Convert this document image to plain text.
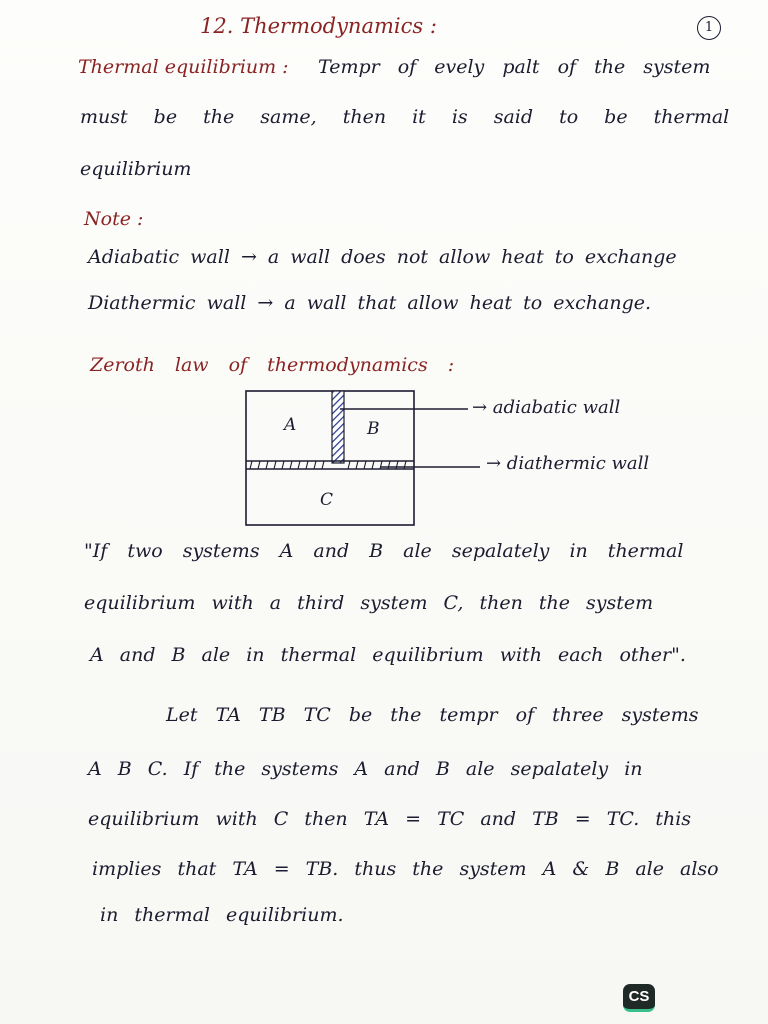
12. Thermodynamics :	1
Thermal equilibrium : Tempr of evely palt of the system
must be the same, then it is said to be thermal
equilibrium
Note :
Adiabatic wall → a wall does not allow heat to exchange
Diathermic wall → a wall that allow heat to exchange.
Zeroth law of thermodynamics :
A	B
C
→ adiabatic wall
→ diathermic wall
"If two systems A and B ale sepalately in thermal
equilibrium with a third system C, then the system
A and B ale in thermal equilibrium with each other".
Let TA TB TC be the tempr of three systems
A B C. If the systems A and B ale sepalately in
equilibrium with C then TA = TC and TB = TC. this
implies that TA = TB. thus the system A & B ale also
in thermal equilibrium.
CS
